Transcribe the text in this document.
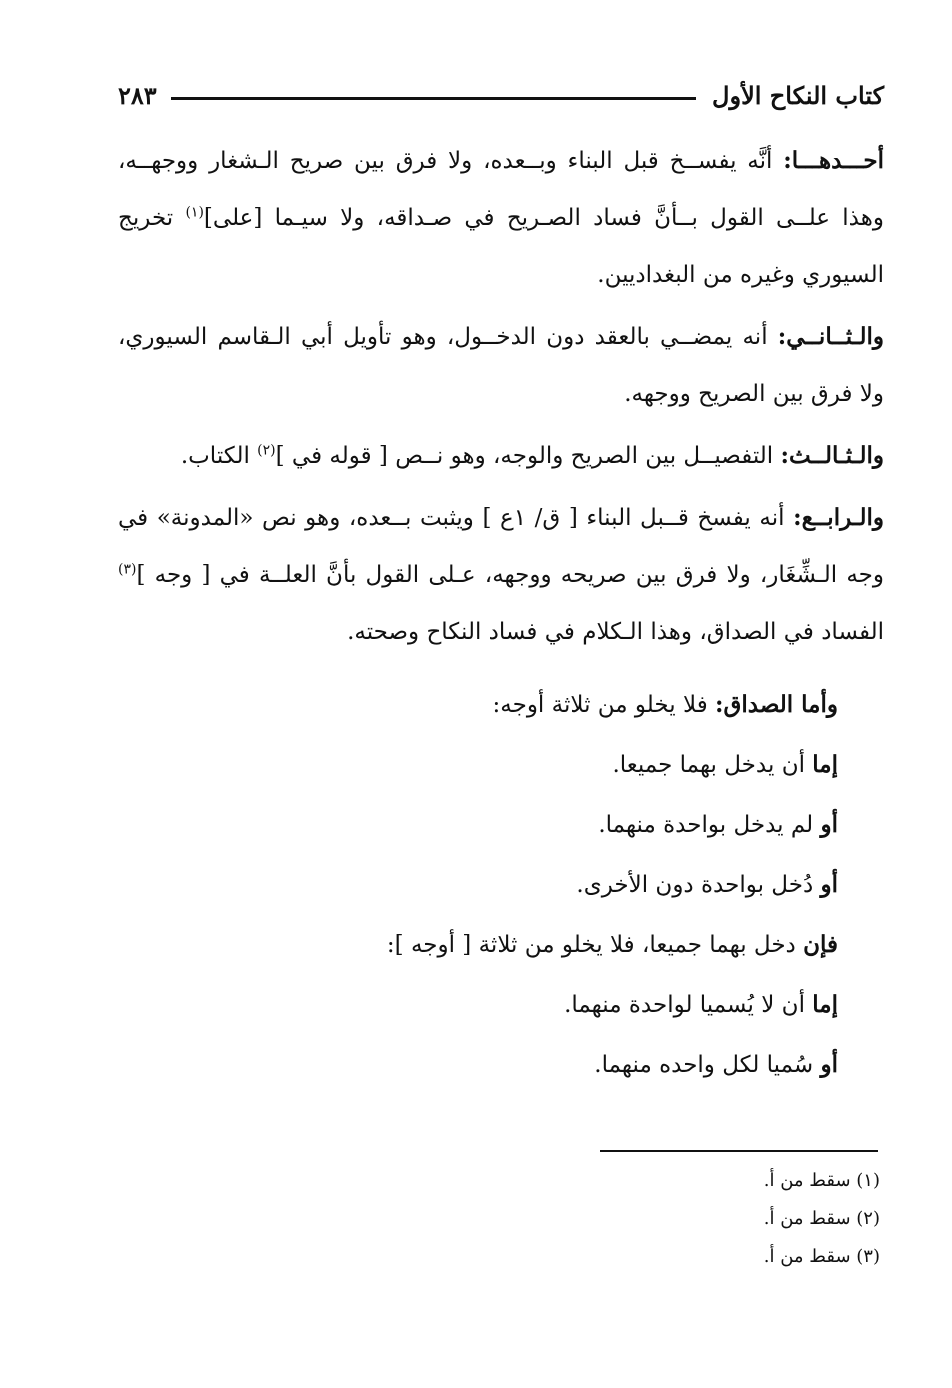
كتاب النكاح الأول
٢٨٣

أحـــدهـــا: أنَّه يفســخ قبل البناء وبــعده، ولا فرق بين صريح الـشغار ووجهــه، وهذا علــى القول بــأنَّ فساد الصـريح في صـداقه، ولا سيـما [على]$^{(١)}$ تخريج السيوري وغيره من البغداديين.

والـثــانــي: أنه يمضــي بالعقد دون الدخــول، وهو تأويل أبي الـقاسم السيوري، ولا فرق بين الصريح ووجهه.

والـثـالــث: التفصيــل بين الصريح والوجه، وهو نــص [ قوله في ]$^{(٢)}$ الكتاب.

والـرابــع: أنه يفسخ قــبل البناء [ ق/ ١ع ] ويثبت بــعده، وهو نص «المدونة» في وجه الـشِّغَار، ولا فرق بين صريحه ووجهه، عـلى القول بأنَّ العلــة في [ وجه ]$^{(٣)}$ الفساد في الصداق، وهذا الـكلام في فساد النكاح وصحته.

وأما الصداق: فلا يخلو من ثلاثة أوجه:

إما أن يدخل بهما جميعا.

أو لم يدخل بواحدة منهما.

أو دُخل بواحدة دون الأخرى.

فإن دخل بهما جميعا، فلا يخلو من ثلاثة [ أوجه ]:

إما أن لا يُسميا لواحدة منهما.

أو سُميا لكل واحده منهما.

(١) سقط من أ.

(٢) سقط من أ.

(٣) سقط من أ.
